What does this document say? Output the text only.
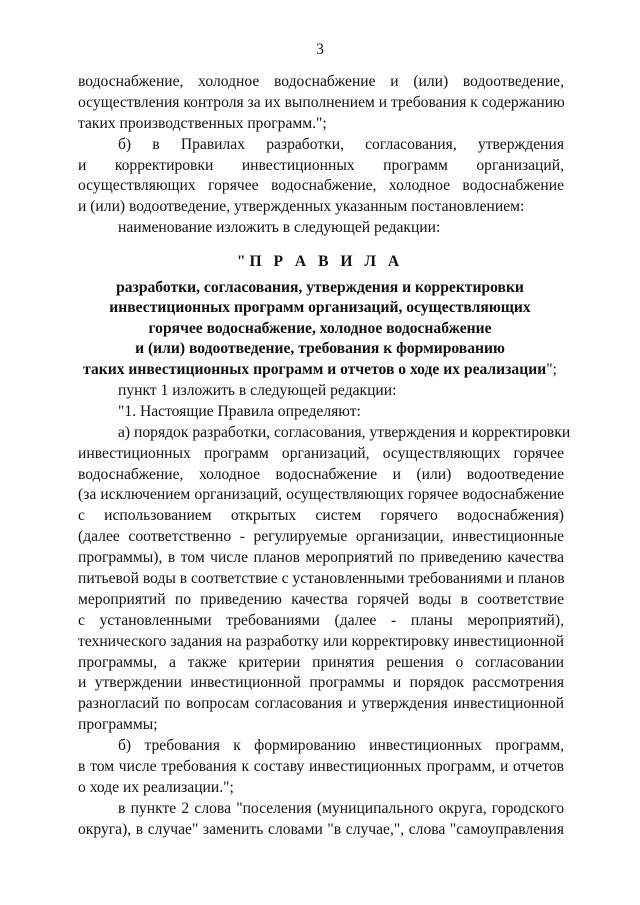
3
водоснабжение, холодное водоснабжение и (или) водоотведение,
осуществления контроля за их выполнением и требования к содержанию
таких производственных программ.";
б) в Правилах разработки, согласования, утверждения
и корректировки инвестиционных программ организаций,
осуществляющих горячее водоснабжение, холодное водоснабжение
и (или) водоотведение, утвержденных указанным постановлением:
наименование изложить в следующей редакции:
"П Р А В И Л А
разработки, согласования, утверждения и корректировки
инвестиционных программ организаций, осуществляющих
горячее водоснабжение, холодное водоснабжение
и (или) водоотведение, требования к формированию
таких инвестиционных программ и отчетов о ходе их реализации";
пункт 1 изложить в следующей редакции:
"1. Настоящие Правила определяют:
а) порядок разработки, согласования, утверждения и корректировки
инвестиционных программ организаций, осуществляющих горячее
водоснабжение, холодное водоснабжение и (или) водоотведение
(за исключением организаций, осуществляющих горячее водоснабжение
с использованием открытых систем горячего водоснабжения)
(далее соответственно - регулируемые организации, инвестиционные
программы), в том числе планов мероприятий по приведению качества
питьевой воды в соответствие с установленными требованиями и планов
мероприятий по приведению качества горячей воды в соответствие
с установленными требованиями (далее - планы мероприятий),
технического задания на разработку или корректировку инвестиционной
программы, а также критерии принятия решения о согласовании
и утверждении инвестиционной программы и порядок рассмотрения
разногласий по вопросам согласования и утверждения инвестиционной
программы;
б) требования к формированию инвестиционных программ,
в том числе требования к составу инвестиционных программ, и отчетов
о ходе их реализации.";
в пункте 2 слова "поселения (муниципального округа, городского
округа), в случае" заменить словами "в случае,", слова "самоуправления
